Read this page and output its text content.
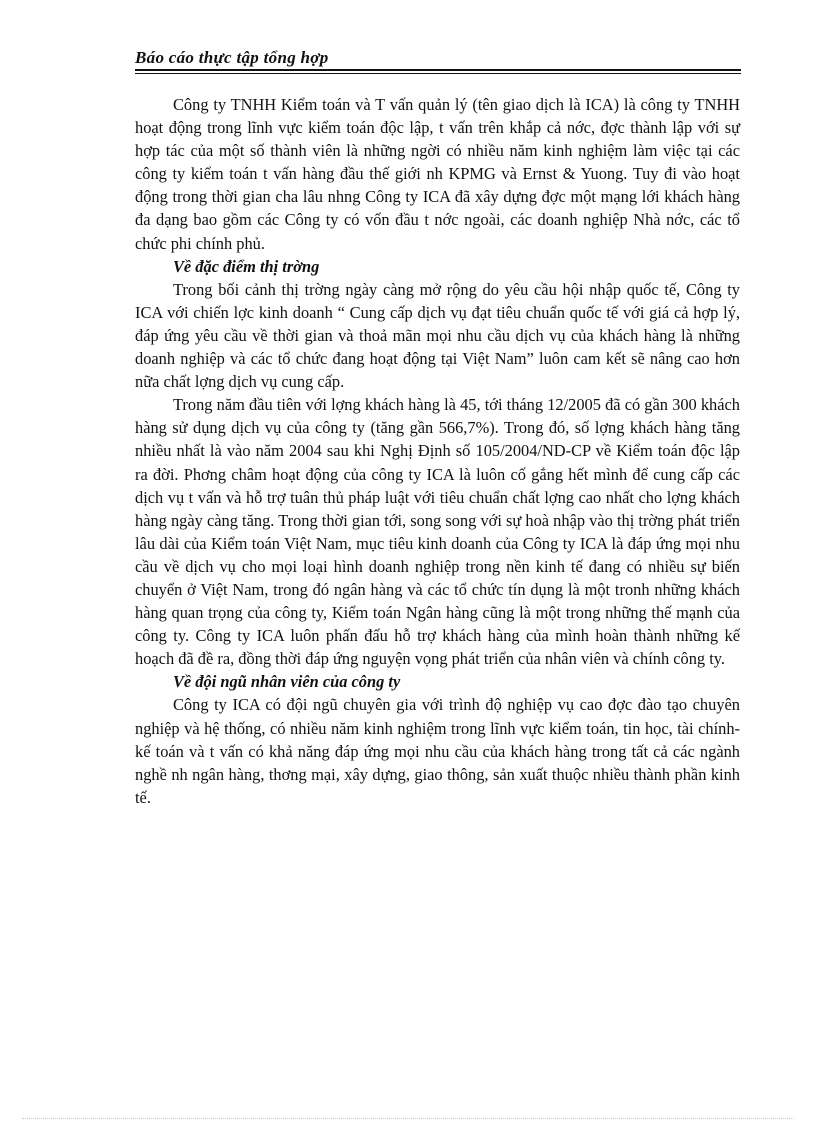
Báo cáo thực tập tổng hợp

Công ty TNHH Kiểm toán và T vấn quản lý (tên giao dịch là ICA) là công ty TNHH hoạt động trong lĩnh vực kiểm toán độc lập, t vấn trên khắp cả nớc, đợc thành lập với sự hợp tác của một số thành viên là những ngời có nhiều năm kinh nghiệm làm việc tại các công ty kiểm toán t vấn hàng đầu thế giới nh KPMG và Ernst & Yuong. Tuy đi vào hoạt động trong thời gian cha lâu nhng Công ty ICA đã xây dựng đợc một mạng lới khách hàng đa dạng bao gồm các Công ty có vốn đầu t nớc ngoài, các doanh nghiệp Nhà nớc, các tổ chức phi chính phủ.

Về đặc điểm thị trờng

Trong bối cảnh thị trờng ngày càng mở rộng do yêu cầu hội nhập quốc tế, Công ty ICA với chiến lợc kinh doanh “ Cung cấp dịch vụ đạt tiêu chuẩn quốc tế với giá cả hợp lý, đáp ứng yêu cầu về thời gian và thoả mãn mọi nhu cầu dịch vụ của khách hàng là những doanh nghiệp và các tổ chức đang hoạt động tại Việt Nam” luôn cam kết sẽ nâng cao hơn nữa chất lợng dịch vụ cung cấp.

Trong năm đầu tiên với lợng khách hàng là 45, tới tháng 12/2005 đã có gần 300 khách hàng sử dụng dịch vụ của công ty (tăng gần 566,7%). Trong đó, số lợng khách hàng tăng nhiều nhất là vào năm 2004 sau khi Nghị Định số 105/2004/ND-CP về Kiểm toán độc lập ra đời. Phơng châm hoạt động của công ty ICA là luôn cố gắng hết mình để cung cấp các dịch vụ t vấn và hỗ trợ tuân thủ pháp luật với tiêu chuẩn chất lợng cao nhất cho lợng khách hàng ngày càng tăng. Trong thời gian tới, song song với sự hoà nhập vào thị trờng phát triển lâu dài của Kiểm toán Việt Nam, mục tiêu kinh doanh của Công ty ICA là đáp ứng mọi nhu cầu về dịch vụ cho mọi loại hình doanh nghiệp trong nền kinh tế đang có nhiều sự biến chuyển ở Việt Nam, trong đó ngân hàng và các tổ chức tín dụng là một tronh những khách hàng quan trọng của công ty, Kiểm toán Ngân hàng cũng là một trong những thế mạnh của công ty. Công ty ICA luôn phấn đấu hỗ trợ khách hàng của mình hoàn thành những kế hoạch đã đề ra, đồng thời đáp ứng nguyện vọng phát triển của nhân viên và chính công ty.

Về đội ngũ nhân viên của công ty

Công ty ICA có đội ngũ chuyên gia với trình độ nghiệp vụ cao đợc đào tạo chuyên nghiệp và hệ thống, có nhiều năm kinh nghiệm trong lĩnh vực kiểm toán, tin học, tài chính- kế toán và t vấn có khả năng đáp ứng mọi nhu cầu của khách hàng trong tất cả các ngành nghề nh ngân hàng, thơng mại, xây dựng, giao thông, sản xuất thuộc nhiều thành phần kinh tế.
